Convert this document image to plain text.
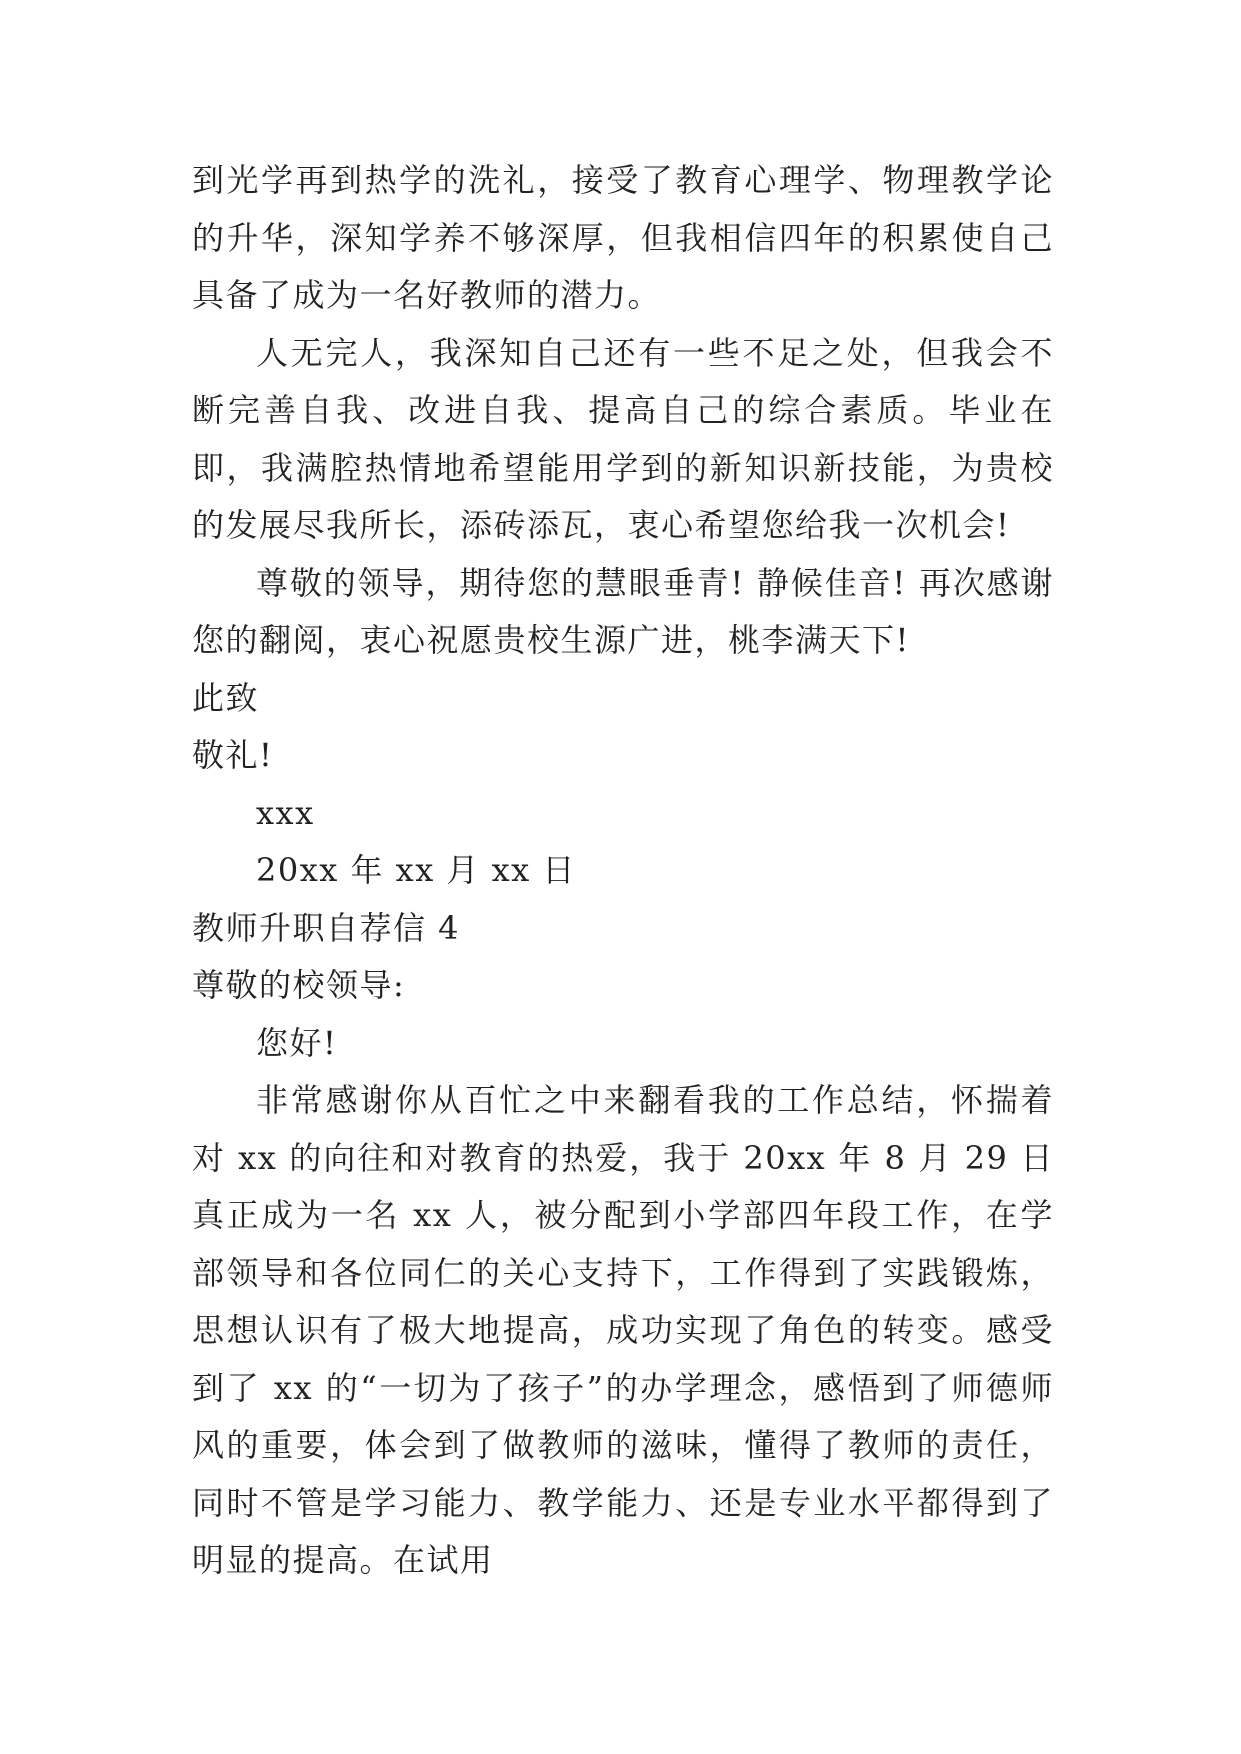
到光学再到热学的洗礼，接受了教育心理学、物理教学论的升华，深知学养不够深厚，但我相信四年的积累使自己具备了成为一名好教师的潜力。

人无完人，我深知自己还有一些不足之处，但我会不断完善自我、改进自我、提高自己的综合素质。毕业在即，我满腔热情地希望能用学到的新知识新技能，为贵校的发展尽我所长，添砖添瓦，衷心希望您给我一次机会!

尊敬的领导，期待您的慧眼垂青! 静候佳音! 再次感谢您的翻阅，衷心祝愿贵校生源广进，桃李满天下!

此致

敬礼!

xxx

20xx 年 xx 月 xx 日

教师升职自荐信 4

尊敬的校领导:

您好!

非常感谢你从百忙之中来翻看我的工作总结，怀揣着对 xx 的向往和对教育的热爱，我于 20xx 年 8 月 29 日真正成为一名 xx 人，被分配到小学部四年段工作，在学部领导和各位同仁的关心支持下，工作得到了实践锻炼，思想认识有了极大地提高，成功实现了角色的转变。感受到了 xx 的“一切为了孩子”的办学理念，感悟到了师德师风的重要，体会到了做教师的滋味，懂得了教师的责任，同时不管是学习能力、教学能力、还是专业水平都得到了明显的提高。在试用
